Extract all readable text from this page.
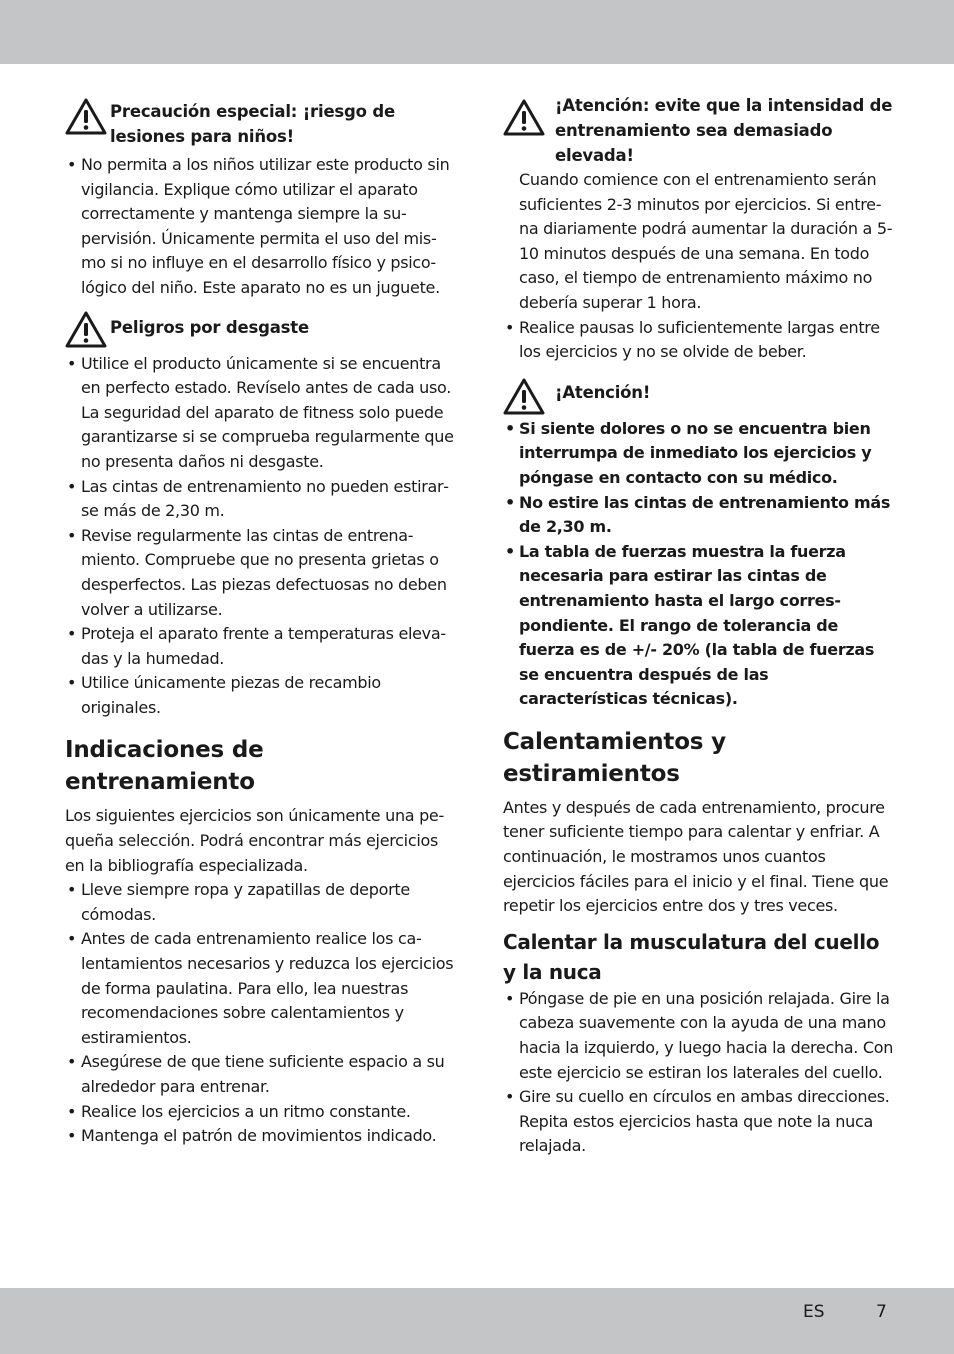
Precaución especial: ¡riesgo de lesiones para niños!
• No permita a los niños utilizar este producto sin vigilancia. Explique cómo utilizar el aparato correctamente y mantenga siempre la supervisión. Únicamente permita el uso del mismo si no influye en el desarrollo físico y psicológico del niño. Este aparato no es un juguete.
Peligros por desgaste
• Utilice el producto únicamente si se encuentra en perfecto estado. Revíselo antes de cada uso. La seguridad del aparato de fitness solo puede garantizarse si se comprueba regularmente que no presenta daños ni desgaste.
• Las cintas de entrenamiento no pueden estirarse más de 2,30 m.
• Revise regularmente las cintas de entrenamiento. Compruebe que no presenta grietas o desperfectos. Las piezas defectuosas no deben volver a utilizarse.
• Proteja el aparato frente a temperaturas elevadas y la humedad.
• Utilice únicamente piezas de recambio originales.
Indicaciones de entrenamiento

Los siguientes ejercicios son únicamente una pequeña selección. Podrá encontrar más ejercicios en la bibliografía especializada.

• Lleve siempre ropa y zapatillas de deporte cómodas.
• Antes de cada entrenamiento realice los calentamientos necesarios y reduzca los ejercicios de forma paulatina. Para ello, lea nuestras recomendaciones sobre calentamientos y estiramientos.
• Asegúrese de que tiene suficiente espacio a su alrededor para entrenar.
• Realice los ejercicios a un ritmo constante.
• Mantenga el patrón de movimientos indicado.
¡Atención: evite que la intensidad de entrenamiento sea demasiado elevada!

Cuando comience con el entrenamiento serán suficientes 2-3 minutos por ejercicios. Si entrena diariamente podrá aumentar la duración a 5-10 minutos después de una semana. En todo caso, el tiempo de entrenamiento máximo no debería superar 1 hora.

• Realice pausas lo suficientemente largas entre los ejercicios y no se olvide de beber.
¡Atención!
• Si siente dolores o no se encuentra bien interrumpa de inmediato los ejercicios y póngase en contacto con su médico.
• No estire las cintas de entrenamiento más de 2,30 m.
• La tabla de fuerzas muestra la fuerza necesaria para estirar las cintas de entrenamiento hasta el largo correspondiente. El rango de tolerancia de fuerza es de +/- 20% (la tabla de fuerzas se encuentra después de las características técnicas).
Calentamientos y estiramientos

Antes y después de cada entrenamiento, procure tener suficiente tiempo para calentar y enfriar. A continuación, le mostramos unos cuantos ejercicios fáciles para el inicio y el final. Tiene que repetir los ejercicios entre dos y tres veces.

Calentar la musculatura del cuello y la nuca
• Póngase de pie en una posición relajada. Gire la cabeza suavemente con la ayuda de una mano hacia la izquierdo, y luego hacia la derecha. Con este ejercicio se estiran los laterales del cuello.
• Gire su cuello en círculos en ambas direcciones. Repita estos ejercicios hasta que note la nuca relajada.
ES	7
